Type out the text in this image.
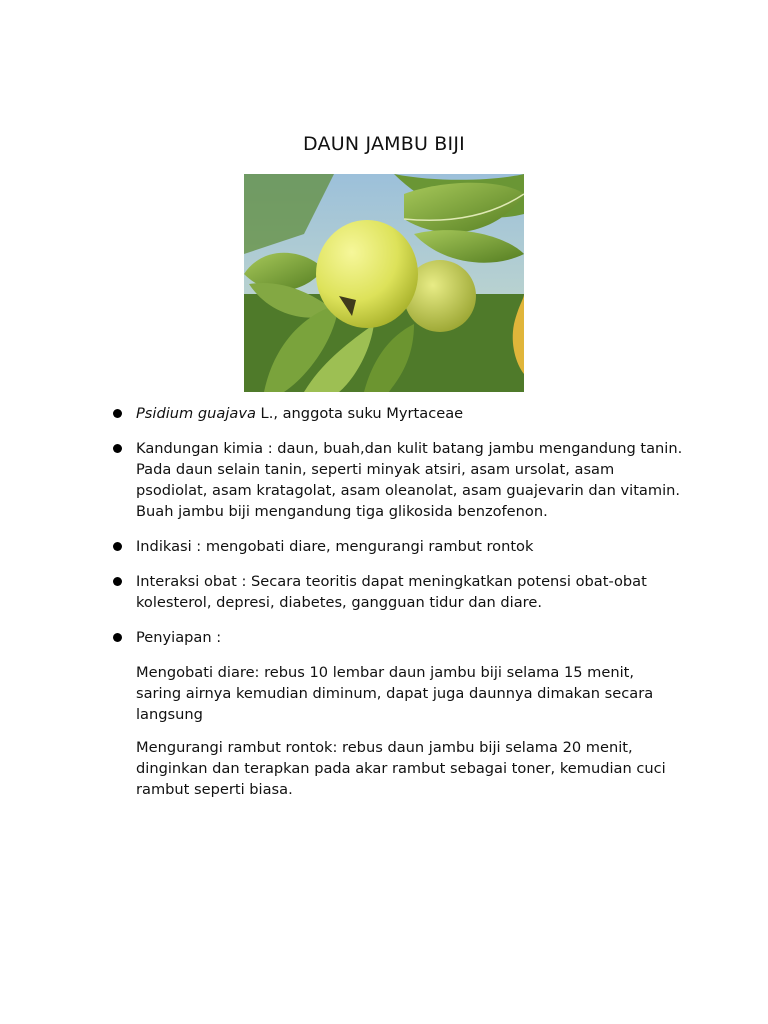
DAUN JAMBU BIJI
Psidium guajava L., anggota suku Myrtaceae
Kandungan kimia : daun, buah,dan kulit batang jambu mengandung tanin. Pada daun selain tanin, seperti minyak atsiri, asam ursolat, asam psodiolat, asam kratagolat, asam oleanolat, asam guajevarin dan vitamin. Buah jambu biji mengandung tiga glikosida benzofenon.
Indikasi : mengobati diare, mengurangi rambut rontok
Interaksi obat : Secara teoritis dapat meningkatkan potensi obat-obat kolesterol, depresi, diabetes, gangguan tidur dan diare.
Penyiapan :
Mengobati diare: rebus 10 lembar daun jambu biji selama 15 menit, saring airnya kemudian diminum, dapat juga daunnya dimakan secara langsung
Mengurangi rambut rontok: rebus daun jambu biji selama 20 menit, dinginkan dan terapkan pada akar rambut sebagai toner, kemudian cuci rambut seperti biasa.
